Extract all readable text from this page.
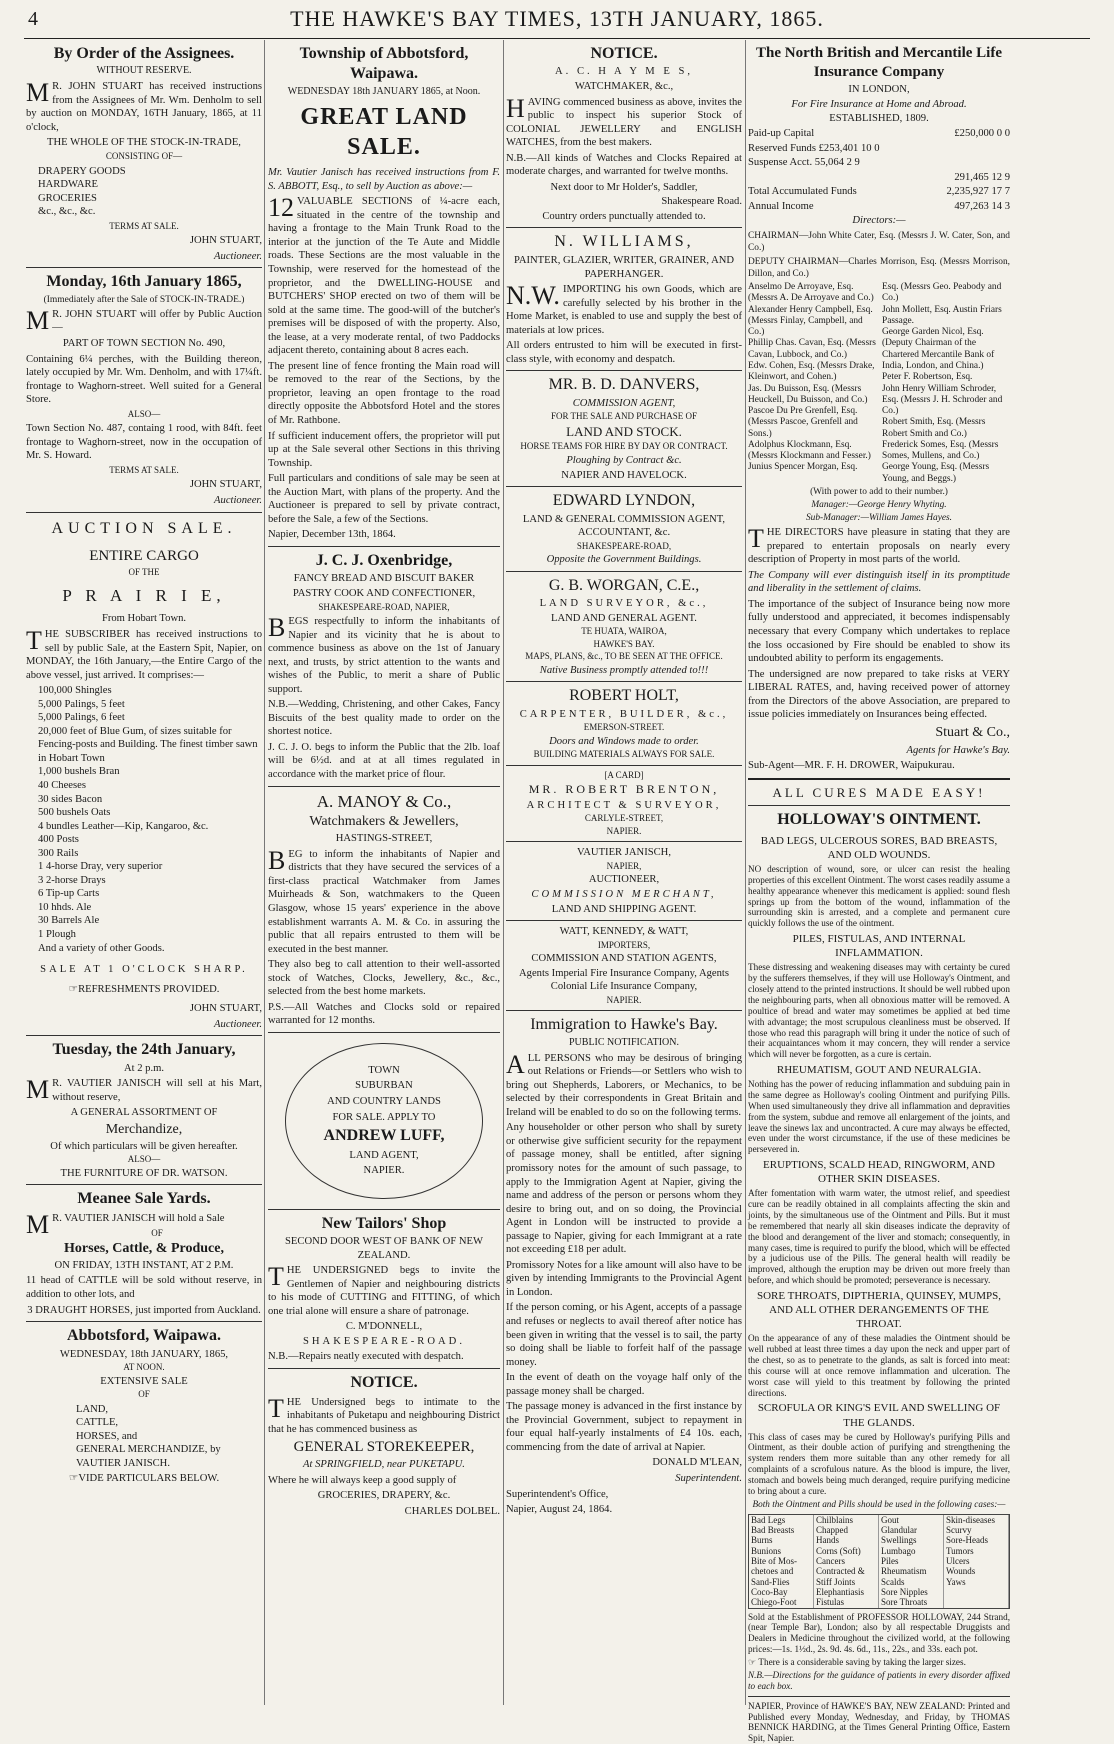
4	THE HAWKE'S BAY TIMES, 13TH JANUARY, 1865.
By Order of the Assignees.
WITHOUT RESERVE.
M R. JOHN STUART has received instructions from the Assignees of Mr. Wm. Denholm to sell by auction on MONDAY, 16TH January, 1865, at 11 o'clock,
THE WHOLE OF THE STOCK-IN-TRADE,
CONSISTING OF—
DRAPERY GOODS
HARDWARE
GROCERIES
&c., &c., &c.
TERMS AT SALE.
JOHN STUART,
Auctioneer.
Monday, 16th January 1865,
(Immediately after the Sale of STOCK-IN-TRADE.)
M R. JOHN STUART will offer by Public Auction—
PART OF TOWN SECTION No. 490,
Containing 6¼ perches, with the Building thereon, lately occupied by Mr. Wm. Denholm, and with 17¼ft. frontage to Waghorn-street. Well suited for a General Store.
ALSO—
Town Section No. 487, containg 1 rood, with 84ft. feet frontage to Waghorn-street, now in the occupation of Mr. S. Howard.
TERMS AT SALE.
JOHN STUART,
Auctioneer.
AUCTION SALE.
ENTIRE CARGO
OF THE
P R A I R I E,
From Hobart Town.
THE SUBSCRIBER has received instructions to sell by public Sale, at the Eastern Spit, Napier, on MONDAY, the 16th January,—the Entire Cargo of the above vessel, just arrived. It comprises:—
100,000 Shingles
5,000 Palings, 5 feet
5,000 Palings, 6 feet
20,000 feet of Blue Gum, of sizes suitable for Fencing-posts and Building. The finest timber sawn in Hobart Town
1,000 bushels Bran
40 Cheeses
30 sides Bacon
500 bushels Oats
4 bundles Leather—Kip, Kangaroo, &c.
400 Posts
300 Rails
1 4-horse Dray, very superior
3 2-horse Drays
6 Tip-up Carts
10 hhds. Ale
30 Barrels Ale
1 Plough
And a variety of other Goods.
SALE AT 1 O'CLOCK SHARP.
☞REFRESHMENTS PROVIDED.
JOHN STUART,
Auctioneer.
Tuesday, the 24th January,
At 2 p.m.
M R. VAUTIER JANISCH will sell at his Mart, without reserve,
A GENERAL ASSORTMENT OF
Merchandize,
Of which particulars will be given hereafter.
ALSO—
THE FURNITURE OF DR. WATSON.
Meanee Sale Yards.
M R. VAUTIER JANISCH will hold a Sale
OF
Horses, Cattle, & Produce,
ON FRIDAY, 13TH INSTANT, AT 2 P.M.
11 head of CATTLE will be sold without reserve, in addition to other lots, and
3 DRAUGHT HORSES, just imported from Auckland.
Abbotsford, Waipawa.
WEDNESDAY, 18th JANUARY, 1865,
AT NOON.
EXTENSIVE SALE
OF
LAND,
CATTLE,
HORSES, and
GENERAL MERCHANDIZE, by
VAUTIER JANISCH.
☞VIDE PARTICULARS BELOW.
Township of Abbotsford, Waipawa.
WEDNESDAY 18th JANUARY 1865, at Noon.
GREAT LAND SALE.
Mr. Vautier Janisch has received instructions from F. S. ABBOTT, Esq., to sell by Auction as above:—
12 VALUABLE SECTIONS of ¼-acre each, situated in the centre of the township and having a frontage to the Main Trunk Road to the interior at the junction of the Te Aute and Middle roads. These Sections are the most valuable in the Township, were reserved for the homestead of the proprietor, and the DWELLING-HOUSE and BUTCHERS' SHOP erected on two of them will be sold at the same time. The good-will of the butcher's premises will be disposed of with the property. Also, the lease, at a very moderate rental, of two Paddocks adjacent thereto, containing about 8 acres each.
The present line of fence fronting the Main road will be removed to the rear of the Sections, by the proprietor, leaving an open frontage to the road directly opposite the Abbotsford Hotel and the stores of Mr. Rathbone.
If sufficient inducement offers, the proprietor will put up at the Sale several other Sections in this thriving Township.
Full particulars and conditions of sale may be seen at the Auction Mart, with plans of the property. And the Auctioneer is prepared to sell by private contract, before the Sale, a few of the Sections.
Napier, December 13th, 1864.
J. C. J. Oxenbridge,
FANCY BREAD AND BISCUIT BAKER
PASTRY COOK AND CONFECTIONER,
SHAKESPEARE-ROAD, NAPIER,
BEGS respectfully to inform the inhabitants of Napier and its vicinity that he is about to commence business as above on the 1st of January next, and trusts, by strict attention to the wants and wishes of the Public, to merit a share of Public support.
N.B.—Wedding, Christening, and other Cakes, Fancy Biscuits of the best quality made to order on the shortest notice.
J. C. J. O. begs to inform the Public that the 2lb. loaf will be 6½d. and at at all times regulated in accordance with the market price of flour.
A. MANOY & Co.,
Watchmakers & Jewellers,
HASTINGS-STREET,
BEG to inform the inhabitants of Napier and districts that they have secured the services of a first-class practical Watchmaker from James Muirheads & Son, watchmakers to the Queen Glasgow, whose 15 years' experience in the above establishment warrants A. M. & Co. in assuring the public that all repairs entrusted to them will be executed in the best manner.
They also beg to call attention to their well-assorted stock of Watches, Clocks, Jewellery, &c., &c., selected from the best home markets.
P.S.—All Watches and Clocks sold or repaired warranted for 12 months.
TOWN
SUBURBAN
AND COUNTRY LANDS
FOR SALE. APPLY TO
ANDREW LUFF,
LAND AGENT,
NAPIER.
New Tailors' Shop
SECOND DOOR WEST OF BANK OF NEW ZEALAND.
THE UNDERSIGNED begs to invite the Gentlemen of Napier and neighbouring districts to his mode of CUTTING and FITTING, of which one trial alone will ensure a share of patronage.
C. M'DONNELL,
SHAKESPEARE-ROAD.
N.B.—Repairs neatly executed with despatch.
NOTICE.
THE Undersigned begs to intimate to the inhabitants of Puketapu and neighbouring District that he has commenced business as
GENERAL STOREKEEPER,
At SPRINGFIELD, near PUKETAPU.
Where he will always keep a good supply of
GROCERIES, DRAPERY, &c.
CHARLES DOLBEL.
NOTICE.
A. C. H A Y M E S,
WATCHMAKER, &c.,
HAVING commenced business as above, invites the public to inspect his superior Stock of COLONIAL JEWELLERY and ENGLISH WATCHES, from the best makers.
N.B.—All kinds of Watches and Clocks Repaired at moderate charges, and warranted for twelve months.
Next door to Mr Holder's, Saddler,
Shakespeare Road.
Country orders punctually attended to.
N. WILLIAMS,
PAINTER, GLAZIER, WRITER, GRAINER, AND PAPERHANGER.
N.W. IMPORTING his own Goods, which are carefully selected by his brother in the Home Market, is enabled to use and supply the best of materials at low prices.
All orders entrusted to him will be executed in first-class style, with economy and despatch.
MR. B. D. DANVERS,
COMMISSION AGENT,
FOR THE SALE AND PURCHASE OF
LAND AND STOCK.
HORSE TEAMS FOR HIRE BY DAY OR CONTRACT.
Ploughing by Contract &c.
NAPIER AND HAVELOCK.
EDWARD LYNDON,
LAND & GENERAL COMMISSION AGENT, ACCOUNTANT, &c.
SHAKESPEARE-ROAD,
Opposite the Government Buildings.
G. B. WORGAN, C.E.,
LAND SURVEYOR, &c.,
LAND AND GENERAL AGENT.
TE HUATA, WAIROA,
HAWKE'S BAY.
MAPS, PLANS, &c., TO BE SEEN AT THE OFFICE.
Native Business promptly attended to!!!
ROBERT HOLT,
CARPENTER, BUILDER, &c.,
EMERSON-STREET.
Doors and Windows made to order.
BUILDING MATERIALS ALWAYS FOR SALE.
[A CARD]
MR. ROBERT BRENTON,
ARCHITECT & SURVEYOR,
CARLYLE-STREET,
NAPIER.
VAUTIER JANISCH,
NAPIER,
AUCTIONEER,
COMMISSION MERCHANT,
LAND AND SHIPPING AGENT.
WATT, KENNEDY, & WATT,
IMPORTERS,
COMMISSION AND STATION AGENTS,
Agents Imperial Fire Insurance Company, Agents Colonial Life Insurance Company,
NAPIER.
Immigration to Hawke's Bay.
PUBLIC NOTIFICATION.
ALL PERSONS who may be desirous of bringing out Relations or Friends—or Settlers who wish to bring out Shepherds, Laborers, or Mechanics, to be selected by their correspondents in Great Britain and Ireland will be enabled to do so on the following terms.
Any householder or other person who shall by surety or otherwise give sufficient security for the repayment of passage money, shall be entitled, after signing promissory notes for the amount of such passage, to apply to the Immigration Agent at Napier, giving the name and address of the person or persons whom they desire to bring out, and on so doing, the Provincial Agent in London will be instructed to provide a passage to Napier, giving for each Immigrant at a rate not exceeding £18 per adult.
Promissory Notes for a like amount will also have to be given by intending Immigrants to the Provincial Agent in London.
If the person coming, or his Agent, accepts of a passage and refuses or neglects to avail thereof after notice has been given in writing that the vessel is to sail, the party so doing shall be liable to forfeit half of the passage money.
In the event of death on the voyage half only of the passage money shall be charged.
The passage money is advanced in the first instance by the Provincial Government, subject to repayment in four equal half-yearly instalments of £4 10s. each, commencing from the date of arrival at Napier.
DONALD M'LEAN,
Superintendent.
Superintendent's Office,
Napier, August 24, 1864.
The North British and Mercantile Life Insurance Company
IN LONDON,
For Fire Insurance at Home and Abroad.
ESTABLISHED, 1809.
Paid-up Capital	£250,000 0 0
Reserved Funds £253,401 10 0
Suspense Acct. 55,064 2 9
291,465 12 9
Total Accumulated Funds	2,235,927 17 7
Annual Income	497,263 14 3
Directors:—
CHAIRMAN—John White Cater, Esq. (Messrs J. W. Cater, Son, and Co.)
DEPUTY CHAIRMAN—Charles Morrison, Esq. (Messrs Morrison, Dillon, and Co.)
Anselmo De Arroyave, Esq. (Messrs A. De Arroyave and Co.)
Alexander Henry Campbell, Esq. (Messrs Finlay, Campbell, and Co.)
Phillip Chas. Cavan, Esq. (Messrs Cavan, Lubbock, and Co.)
Edw. Cohen, Esq. (Messrs Drake, Kleinwort, and Cohen.)
Jas. Du Buisson, Esq. (Messrs Heuckell, Du Buisson, and Co.)
Pascoe Du Pre Grenfell, Esq. (Messrs Pascoe, Grenfell and Sons.)
Adolphus Klockmann, Esq. (Messrs Klockmann and Fesser.)
Junius Spencer Morgan, Esq.
Esq. (Messrs Geo. Peabody and Co.)
John Mollett, Esq. Austin Friars Passage.
George Garden Nicol, Esq. (Deputy Chairman of the Chartered Mercantile Bank of India, London, and China.)
Peter F. Robertson, Esq.
John Henry William Schroder, Esq. (Messrs J. H. Schroder and Co.)
Robert Smith, Esq. (Messrs Robert Smith and Co.)
Frederick Somes, Esq. (Messrs Somes, Mullens, and Co.)
George Young, Esq. (Messrs Young, and Beggs.)
(With power to add to their number.)
Manager:—George Henry Whyting.
Sub-Manager:—William James Hayes.
THE DIRECTORS have pleasure in stating that they are prepared to entertain proposals on nearly every description of Property in most parts of the world.
The Company will ever distinguish itself in its promptitude and liberality in the settlement of claims.
The importance of the subject of Insurance being now more fully understood and appreciated, it becomes indispensably necessary that every Company which undertakes to replace the loss occasioned by Fire should be enabled to show its undoubted ability to perform its engagements.
The undersigned are now prepared to take risks at VERY LIBERAL RATES, and, having received power of attorney from the Directors of the above Association, are prepared to issue policies immediately on Insurances being effected.
Stuart & Co.,
Agents for Hawke's Bay.
Sub-Agent—MR. F. H. DROWER, Waipukurau.
ALL CURES MADE EASY!
HOLLOWAY'S OINTMENT.
BAD LEGS, ULCEROUS SORES, BAD BREASTS, AND OLD WOUNDS.
NO description of wound, sore, or ulcer can resist the healing properties of this excellent Ointment. The worst cases readily assume a healthy appearance whenever this medicament is applied: sound flesh springs up from the bottom of the wound, inflammation of the surrounding skin is arrested, and a complete and permanent cure quickly follows the use of the ointment.
PILES, FISTULAS, AND INTERNAL INFLAMMATION.
These distressing and weakening diseases may with certainty be cured by the sufferers themselves, if they will use Holloway's Ointment, and closely attend to the printed instructions. It should be well rubbed upon the neighbouring parts, when all obnoxious matter will be removed. A poultice of bread and water may sometimes be applied at bed time with advantage; the most scrupulous cleanliness must be observed. If those who read this paragraph will bring it under the notice of such of their acquaintances whom it may concern, they will render a service which will never be forgotten, as a cure is certain.
RHEUMATISM, GOUT AND NEURALGIA.
Nothing has the power of reducing inflammation and subduing pain in the same degree as Holloway's cooling Ointment and purifying Pills. When used simultaneously they drive all inflammation and depravities from the system, subdue and remove all enlargement of the joints, and leave the sinews lax and uncontracted. A cure may always be effected, even under the worst circumstance, if the use of these medicines be persevered in.
ERUPTIONS, SCALD HEAD, RINGWORM, AND OTHER SKIN DISEASES.
After fomentation with warm water, the utmost relief, and speediest cure can be readily obtained in all complaints affecting the skin and joints, by the simultaneous use of the Ointment and Pills. But it must be remembered that nearly all skin diseases indicate the depravity of the blood and derangement of the liver and stomach; consequently, in many cases, time is required to purify the blood, which will be effected by a judicious use of the Pills. The general health will readily be improved, although the eruption may be driven out more freely than before, and which should be promoted; perseverance is necessary.
SORE THROATS, DIPTHERIA, QUINSEY, MUMPS, AND ALL OTHER DERANGEMENTS OF THE THROAT.
On the appearance of any of these maladies the Ointment should be well rubbed at least three times a day upon the neck and upper part of the chest, so as to penetrate to the glands, as salt is forced into meat: this course will at once remove inflammation and ulceration. The worst case will yield to this treatment by following the printed directions.
SCROFULA OR KING'S EVIL AND SWELLING OF THE GLANDS.
This class of cases may be cured by Holloway's purifying Pills and Ointment, as their double action of purifying and strengthening the system renders them more suitable than any other remedy for all complaints of a scrofulous nature. As the blood is impure, the liver, stomach and bowels being much deranged, require purifying medicine to bring about a cure.
Both the Ointment and Pills should be used in the following cases:—
Bad Legs	Chilblains	Gout	Skin-diseases
Bad Breasts	Chapped	Glandular	Scurvy
Burns	Hands	Swellings	Sore-Heads
Bunions	Corns (Soft)	Lumbago	Tumors
Bite of Mos-	Cancers	Piles	Ulcers
chetoes and	Contracted &	Rheumatism	Wounds
Sand-Flies	Stiff Joints	Scalds	Yaws
Coco-Bay	Elephantiasis	Sore Nipples
Chiego-Foot	Fistulas	Sore Throats
Sold at the Establishment of PROFESSOR HOLLOWAY, 244 Strand, (near Temple Bar), London; also by all respectable Druggists and Dealers in Medicine throughout the civilized world, at the following prices:—1s. 1½d., 2s. 9d. 4s. 6d., 11s., 22s., and 33s. each pot.
☞ There is a considerable saving by taking the larger sizes.
N.B.—Directions for the guidance of patients in every disorder affixed to each box.
NAPIER, Province of HAWKE'S BAY, NEW ZEALAND: Printed and Published every Monday, Wednesday, and Friday, by THOMAS BENNICK HARDING, at the Times General Printing Office, Eastern Spit, Napier.
